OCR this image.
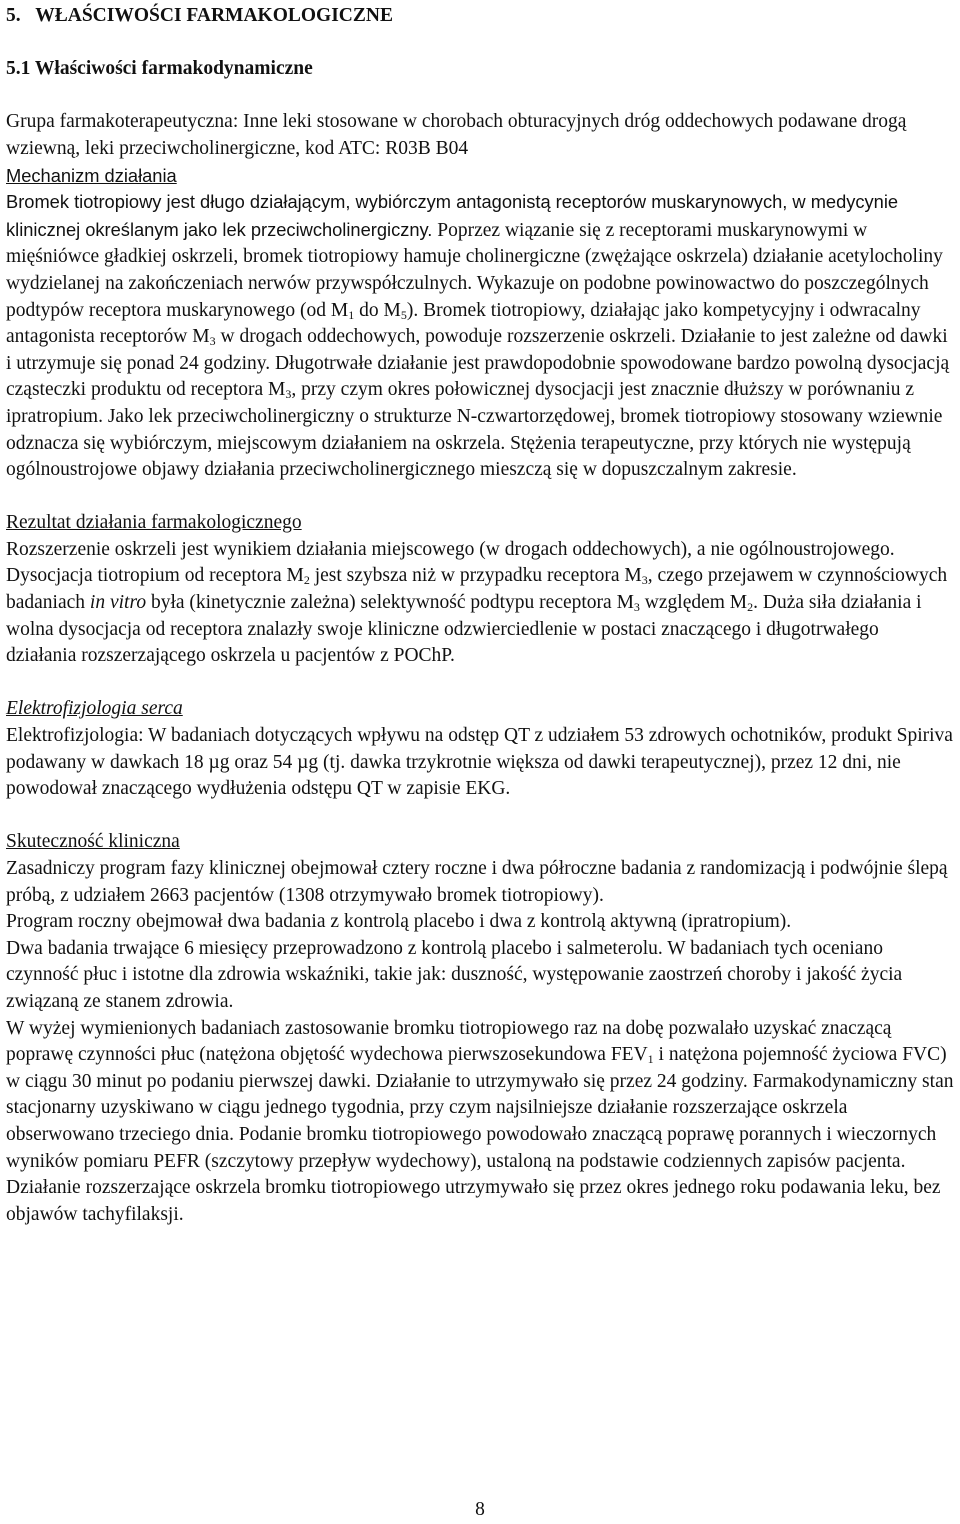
5. WŁAŚCIWOŚCI FARMAKOLOGICZNE
5.1 Właściwości farmakodynamiczne

Grupa farmakoterapeutyczna: Inne leki stosowane w chorobach obturacyjnych dróg oddechowych podawane drogą wziewną, leki przeciwcholinergiczne, kod ATC: R03B B04

Mechanizm działania

Bromek tiotropiowy jest długo działającym, wybiórczym antagonistą receptorów muskarynowych, w medycynie klinicznej określanym jako lek przeciwcholinergiczny. Poprzez wiązanie się z receptorami muskarynowymi w mięśniówce gładkiej oskrzeli, bromek tiotropiowy hamuje cholinergiczne (zwężające oskrzela) działanie acetylocholiny wydzielanej na zakończeniach nerwów przywspółczulnych. Wykazuje on podobne powinowactwo do poszczególnych podtypów receptora muskarynowego (od $M_1$ do $M_5$). Bromek tiotropiowy, działając jako kompetycyjny i odwracalny antagonista receptorów $M_3$ w drogach oddechowych, powoduje rozszerzenie oskrzeli. Działanie to jest zależne od dawki i utrzymuje się ponad 24 godziny. Długotrwałe działanie jest prawdopodobnie spowodowane bardzo powolną dysocjacją cząsteczki produktu od receptora $M_3$, przy czym okres połowicznej dysocjacji jest znacznie dłuższy w porównaniu z ipratropium. Jako lek przeciwcholinergiczny o strukturze N-czwartorzędowej, bromek tiotropiowy stosowany wziewnie odznacza się wybiórczym, miejscowym działaniem na oskrzela. Stężenia terapeutyczne, przy których nie występują ogólnoustrojowe objawy działania przeciwcholinergicznego mieszczą się w dopuszczalnym zakresie.

Rezultat działania farmakologicznego

Rozszerzenie oskrzeli jest wynikiem działania miejscowego (w drogach oddechowych), a nie ogólnoustrojowego. Dysocjacja tiotropium od receptora $M_2$ jest szybsza niż w przypadku receptora $M_3$, czego przejawem w czynnościowych badaniach in vitro była (kinetycznie zależna) selektywność podtypu receptora $M_3$ względem $M_2$. Duża siła działania i wolna dysocjacja od receptora znalazły swoje kliniczne odzwierciedlenie w postaci znaczącego i długotrwałego działania rozszerzającego oskrzela u pacjentów z POChP.

Elektrofizjologia serca

Elektrofizjologia: W badaniach dotyczących wpływu na odstęp QT z udziałem 53 zdrowych ochotników, produkt Spiriva podawany w dawkach 18 µg oraz 54 µg (tj. dawka trzykrotnie większa od dawki terapeutycznej), przez 12 dni, nie powodował znaczącego wydłużenia odstępu QT w zapisie EKG.

Skuteczność kliniczna

Zasadniczy program fazy klinicznej obejmował cztery roczne i dwa półroczne badania z randomizacją i podwójnie ślepą próbą, z udziałem 2663 pacjentów (1308 otrzymywało bromek tiotropiowy).

Program roczny obejmował dwa badania z kontrolą placebo i dwa z kontrolą aktywną (ipratropium).

Dwa badania trwające 6 miesięcy przeprowadzono z kontrolą placebo i salmeterolu. W badaniach tych oceniano czynność płuc i istotne dla zdrowia wskaźniki, takie jak: duszność, występowanie zaostrzeń choroby i jakość życia związaną ze stanem zdrowia.

W wyżej wymienionych badaniach zastosowanie bromku tiotropiowego raz na dobę pozwalało uzyskać znaczącą poprawę czynności płuc (natężona objętość wydechowa pierwszosekundowa $FEV_1$ i natężona pojemność życiowa FVC) w ciągu 30 minut po podaniu pierwszej dawki. Działanie to utrzymywało się przez 24 godziny. Farmakodynamiczny stan stacjonarny uzyskiwano w ciągu jednego tygodnia, przy czym najsilniejsze działanie rozszerzające oskrzela obserwowano trzeciego dnia. Podanie bromku tiotropiowego powodowało znaczącą poprawę porannych i wieczornych wyników pomiaru PEFR (szczytowy przepływ wydechowy), ustaloną na podstawie codziennych zapisów pacjenta. Działanie rozszerzające oskrzela bromku tiotropiowego utrzymywało się przez okres jednego roku podawania leku, bez objawów tachyfilaksji.

8
